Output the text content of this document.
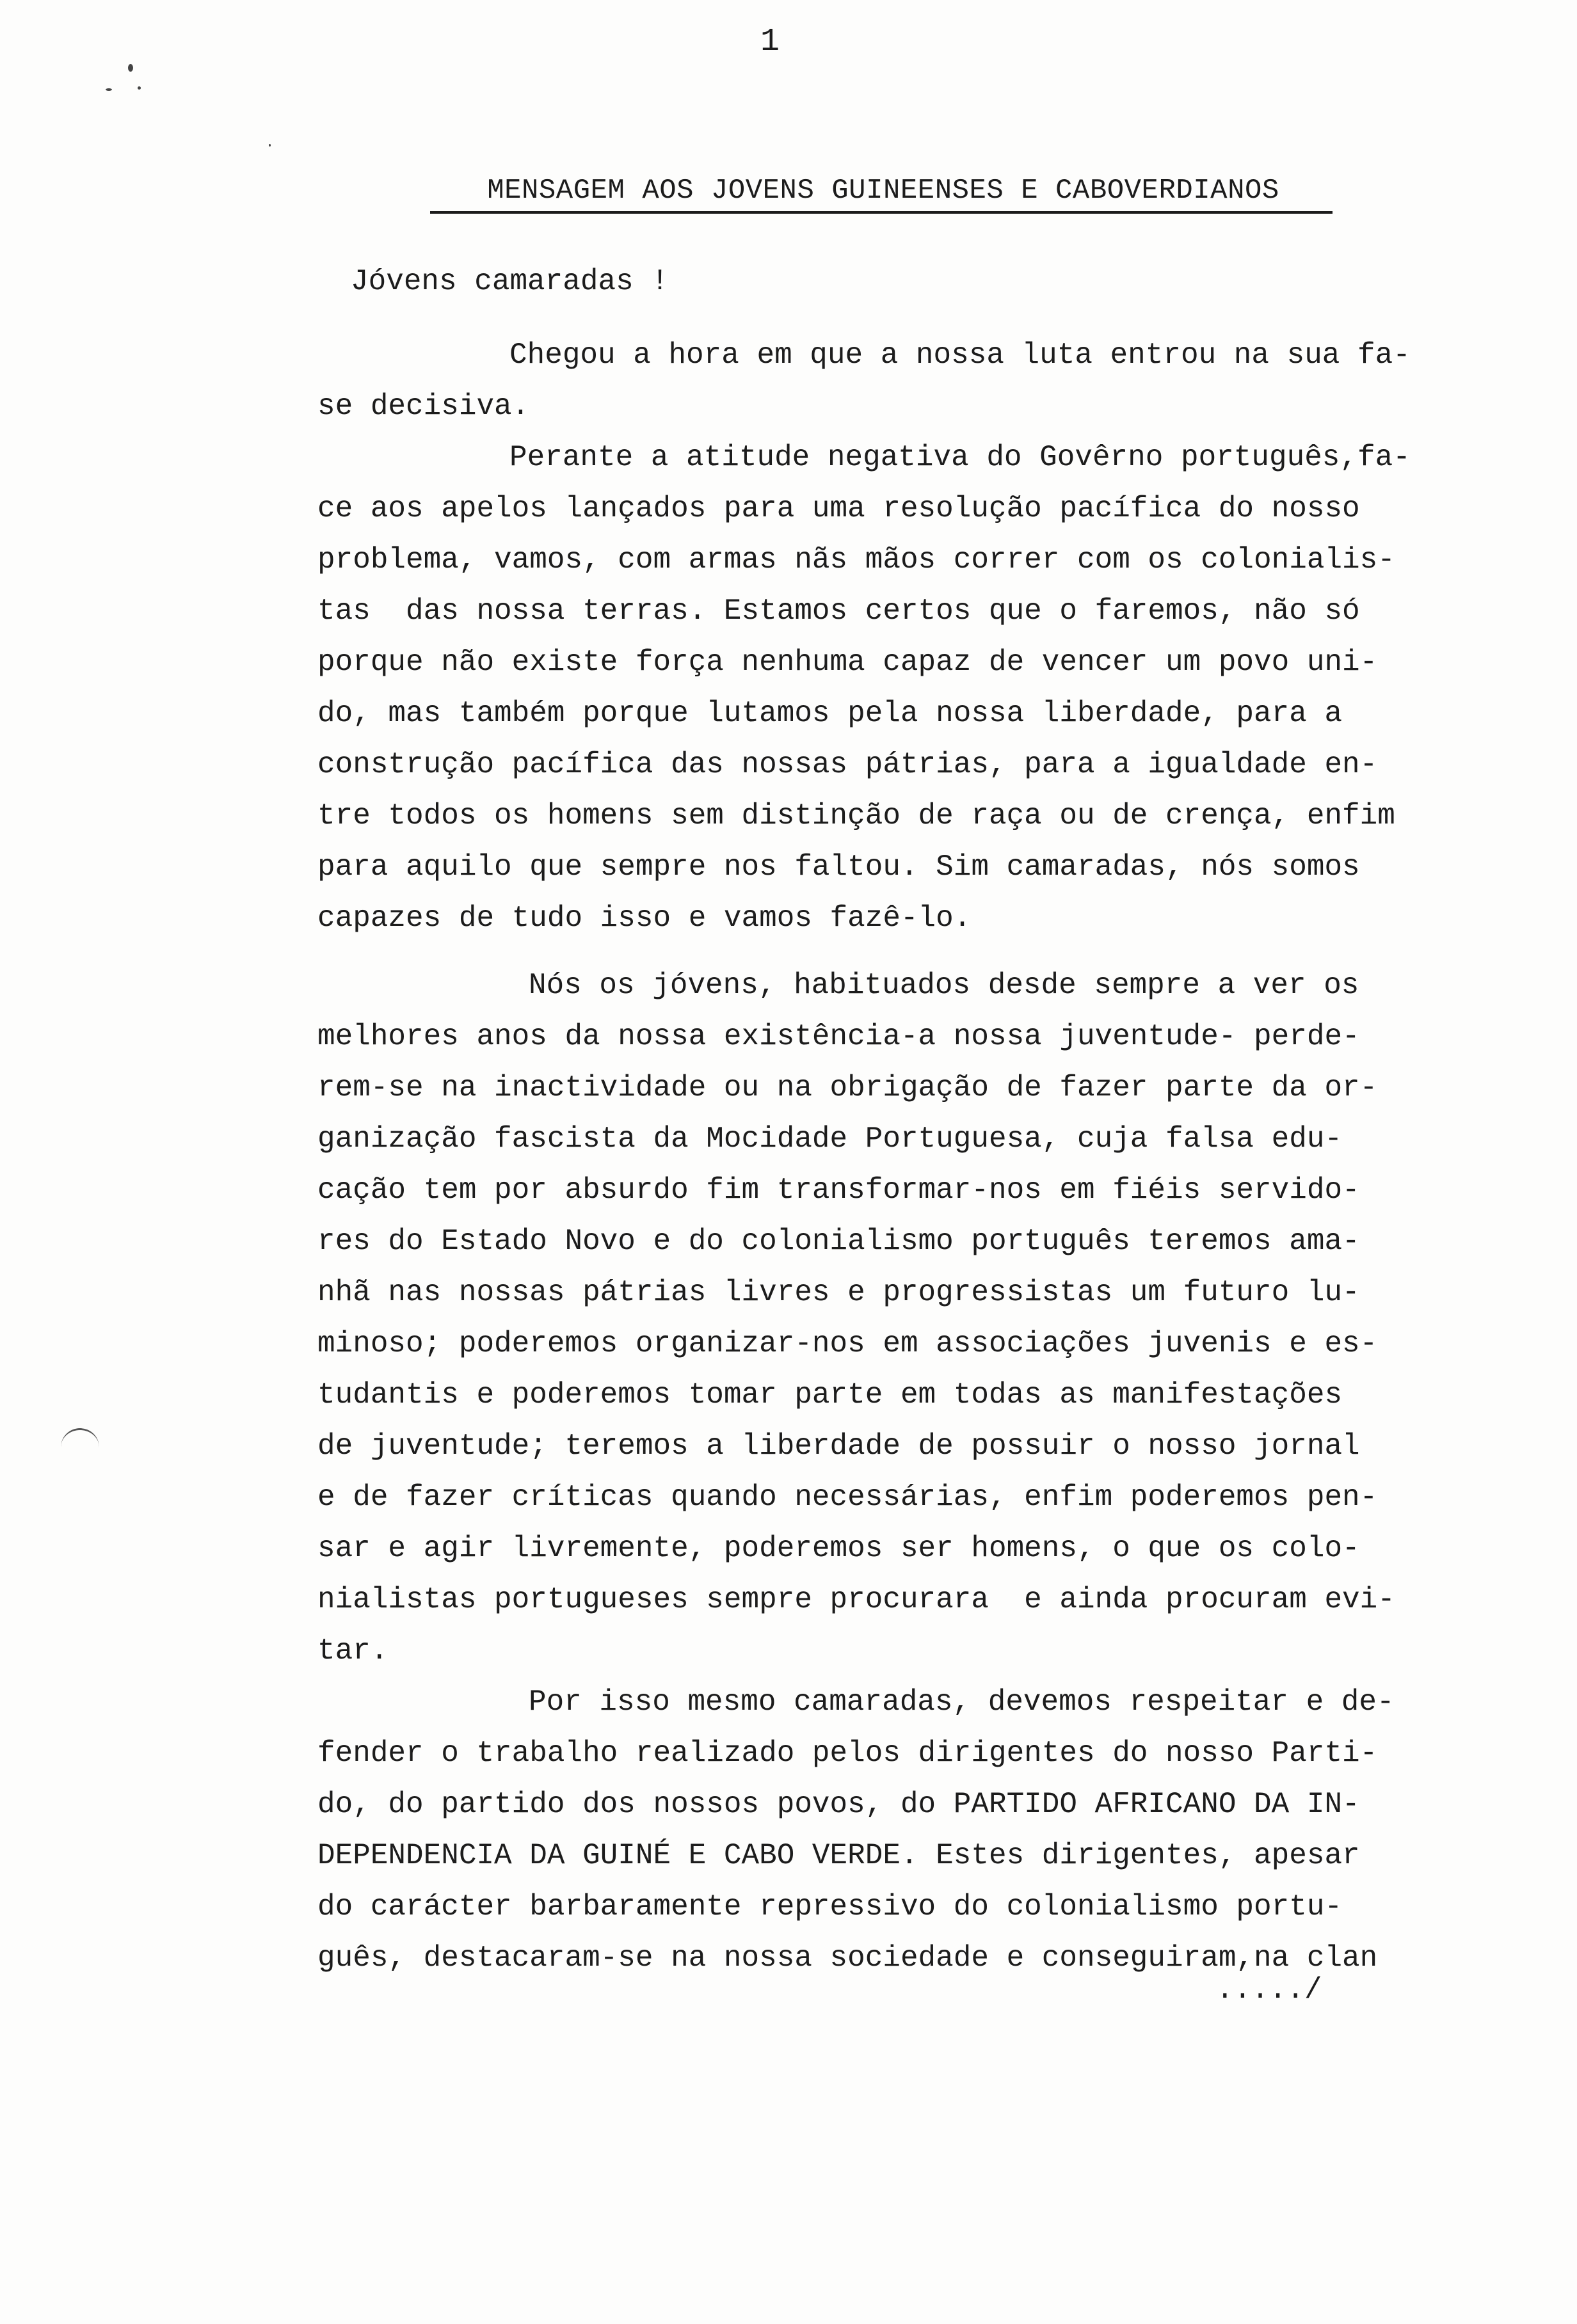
1
MENSAGEM AOS JOVENS GUINEENSES E CABOVERDIANOS
Jóvens camaradas !
Chegou a hora em que a nossa luta entrou na sua fa-
se decisiva.
Perante a atitude negativa do Govêrno português,fa-
ce aos apelos lançados para uma resolução pacífica do nosso
problema, vamos, com armas nãs mãos correr com os colonialis-
tas  das nossa terras. Estamos certos que o faremos, não só
porque não existe força nenhuma capaz de vencer um povo uni-
do, mas também porque lutamos pela nossa liberdade, para a
construção pacífica das nossas pátrias, para a igualdade en-
tre todos os homens sem distinção de raça ou de crença, enfim
para aquilo que sempre nos faltou. Sim camaradas, nós somos
capazes de tudo isso e vamos fazê-lo.
Nós os jóvens, habituados desde sempre a ver os
melhores anos da nossa existência-a nossa juventude- perde-
rem-se na inactividade ou na obrigação de fazer parte da or-
ganização fascista da Mocidade Portuguesa, cuja falsa edu-
cação tem por absurdo fim transformar-nos em fiéis servido-
res do Estado Novo e do colonialismo português teremos ama-
nhã nas nossas pátrias livres e progressistas um futuro lu-
minoso; poderemos organizar-nos em associações juvenis e es-
tudantis e poderemos tomar parte em todas as manifestações
de juventude; teremos a liberdade de possuir o nosso jornal
e de fazer críticas quando necessárias, enfim poderemos pen-
sar e agir livremente, poderemos ser homens, o que os colo-
nialistas portugueses sempre procurara  e ainda procuram evi-
tar.
Por isso mesmo camaradas, devemos respeitar e de-
fender o trabalho realizado pelos dirigentes do nosso Parti-
do, do partido dos nossos povos, do PARTIDO AFRICANO DA IN-
DEPENDENCIA DA GUINÉ E CABO VERDE. Estes dirigentes, apesar
do carácter barbaramente repressivo do colonialismo portu-
guês, destacaram-se na nossa sociedade e conseguiram,na clan
...../
